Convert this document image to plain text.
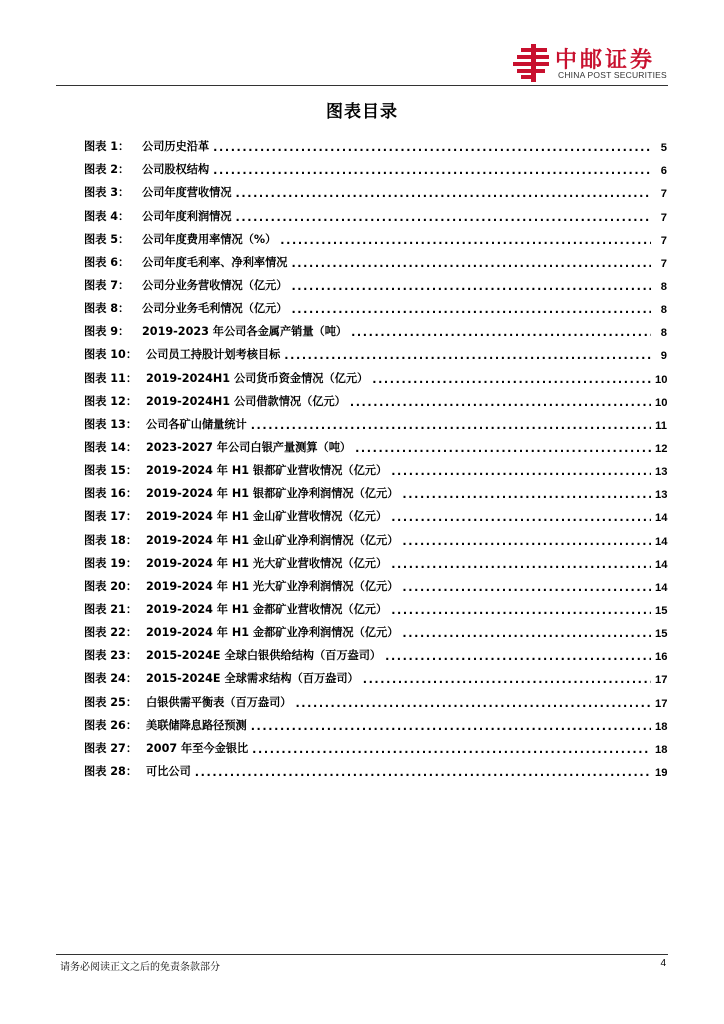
中邮证券
CHINA POST SECURITIES
图表目录
图表 1：	公司历史沿革 .....	5
图表 2：	公司股权结构 .....	6
图表 3：	公司年度营收情况 .....	7
图表 4：	公司年度利润情况 .....	7
图表 5：	公司年度费用率情况（%） .....	7
图表 6：	公司年度毛利率、净利率情况 .....	7
图表 7：	公司分业务营收情况（亿元） .....	8
图表 8：	公司分业务毛利情况（亿元） .....	8
图表 9：	2019-2023 年公司各金属产销量（吨） .....	8
图表 10： 公司员工持股计划考核目标 .....	9
图表 11： 2019-2024H1 公司货币资金情况（亿元） .....	10
图表 12： 2019-2024H1 公司借款情况（亿元） .....	10
图表 13： 公司各矿山储量统计 .....	11
图表 14： 2023-2027 年公司白银产量测算（吨） .....	12
图表 15： 2019-2024 年 H1 银都矿业营收情况（亿元） .....	13
图表 16： 2019-2024 年 H1 银都矿业净利润情况（亿元） .....	13
图表 17： 2019-2024 年 H1 金山矿业营收情况（亿元） .....	14
图表 18： 2019-2024 年 H1 金山矿业净利润情况（亿元） .....	14
图表 19： 2019-2024 年 H1 光大矿业营收情况（亿元） .....	14
图表 20： 2019-2024 年 H1 光大矿业净利润情况（亿元） .....	14
图表 21： 2019-2024 年 H1 金都矿业营收情况（亿元） .....	15
图表 22： 2019-2024 年 H1 金都矿业净利润情况（亿元） .....	15
图表 23： 2015-2024E 全球白银供给结构（百万盎司） .....	16
图表 24： 2015-2024E 全球需求结构（百万盎司） .....	17
图表 25： 白银供需平衡表（百万盎司） .....	17
图表 26： 美联储降息路径预测 .....	18
图表 27： 2007 年至今金银比 .....	18
图表 28： 可比公司 .....	19
请务必阅读正文之后的免责条款部分	4
